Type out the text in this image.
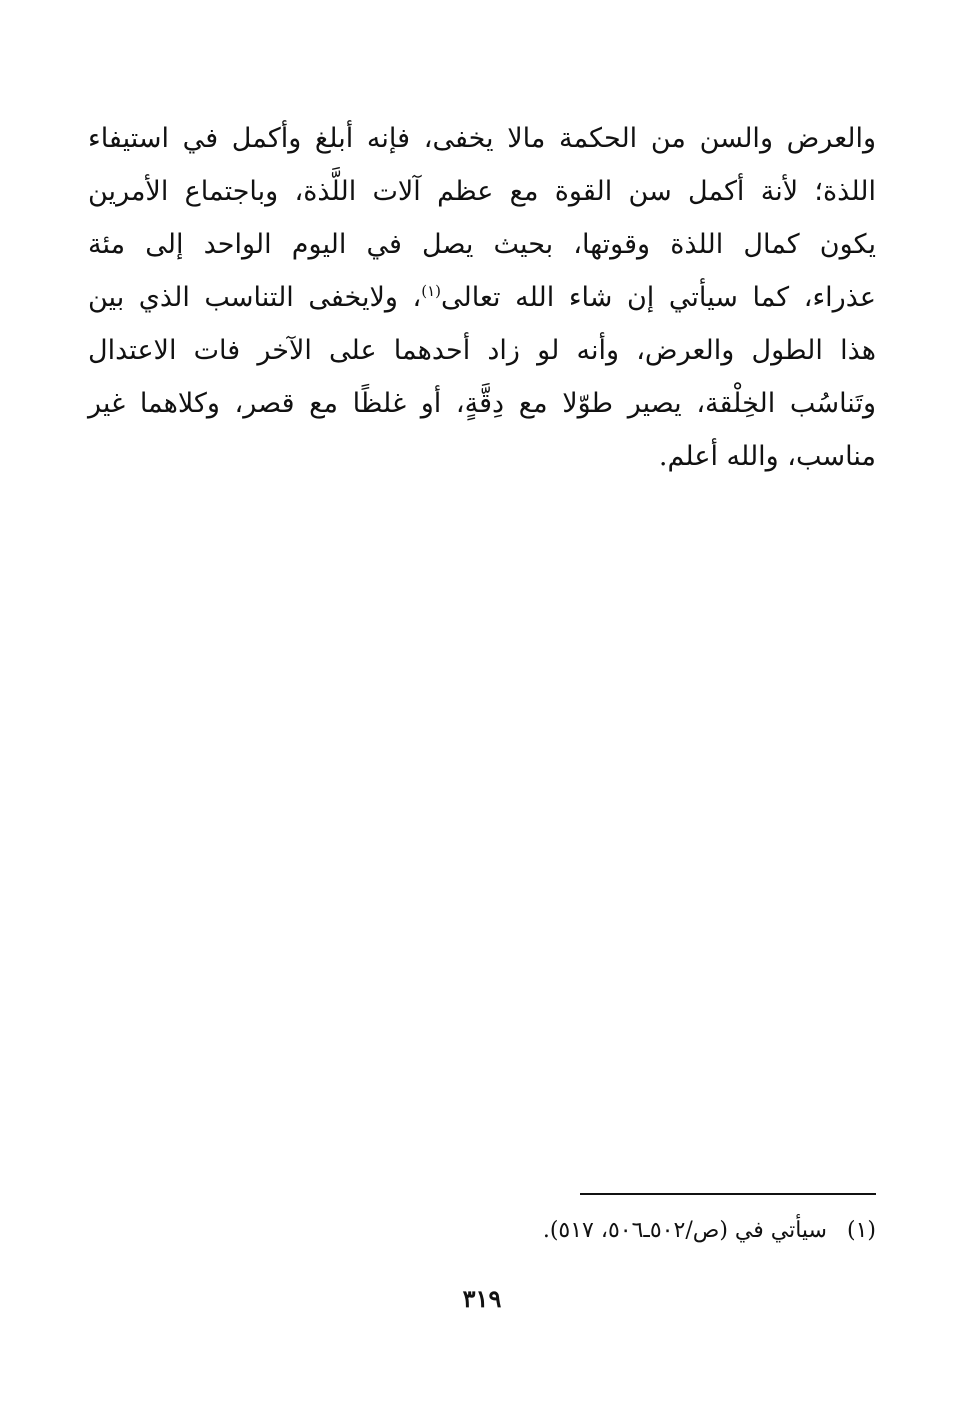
والعرض والسن من الحكمة مالا يخفى، فإنه أبلغ وأكمل في استيفاء
اللذة؛ لأنة أكمل سن القوة مع عظم آلات اللَّذة، وباجتماع الأمرين
يكون كمال اللذة وقوتها، بحيث يصل في اليوم الواحد إلى مئة
عذراء، كما سيأتي إن شاء الله تعالى$^{(١)}$، ولايخفى التناسب الذي بين
هذا الطول والعرض، وأنه لو زاد أحدهما على الآخر فات الاعتدال
وتَناسُب الخِلْقة، يصير طوّلا مع دِقَّةٍ، أو غلظًا مع قصر، وكلاهما غير
مناسب، والله أعلم.
(١)سيأتي في (ص/٥٠٢ـ٥٠٦، ٥١٧).
٣١٩
